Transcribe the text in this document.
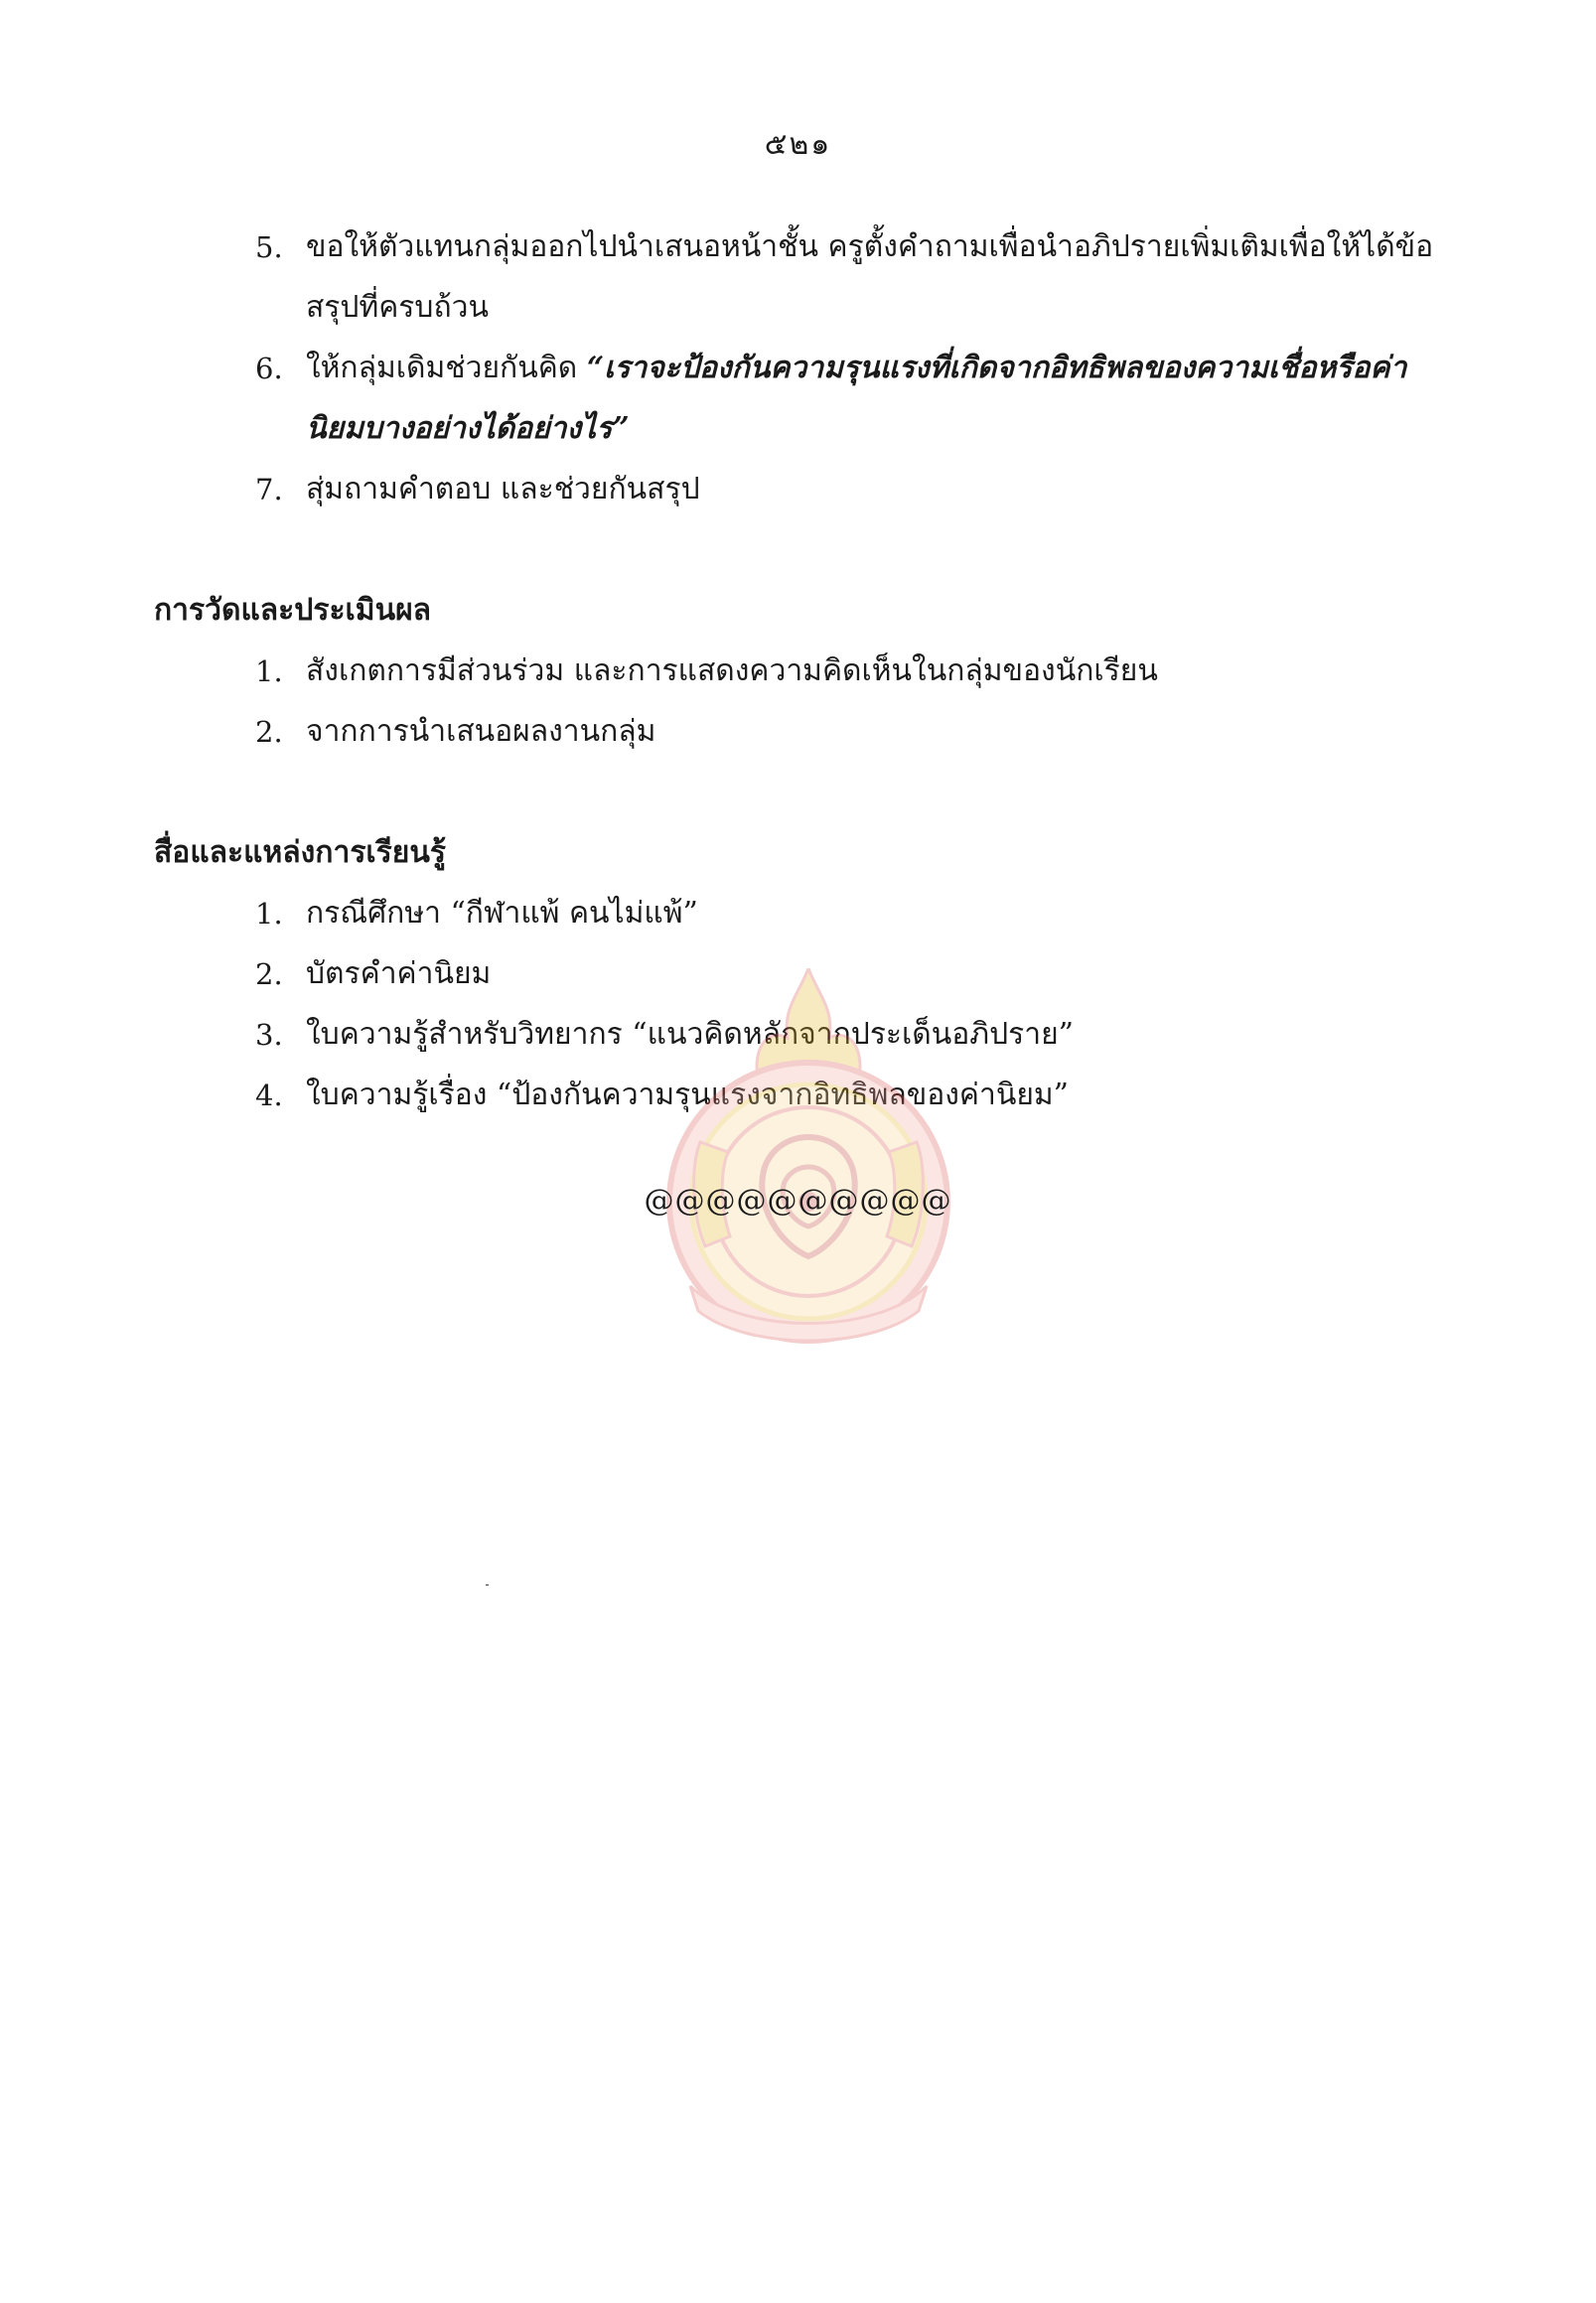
๕๒๑
5. ขอให้ตัวแทนกลุ่มออกไปนำเสนอหน้าชั้น ครูตั้งคำถามเพื่อนำอภิปรายเพิ่มเติมเพื่อให้ได้ข้อ
สรุปที่ครบถ้วน
6. ให้กลุ่มเดิมช่วยกันคิด “เราจะป้องกันความรุนแรงที่เกิดจากอิทธิพลของความเชื่อหรือค่า
นิยมบางอย่างได้อย่างไร”
7. สุ่มถามคำตอบ และช่วยกันสรุป
การวัดและประเมินผล
1. สังเกตการมีส่วนร่วม และการแสดงความคิดเห็นในกลุ่มของนักเรียน
2. จากการนำเสนอผลงานกลุ่ม
สื่อและแหล่งการเรียนรู้
1. กรณีศึกษา “กีฬาแพ้ คนไม่แพ้”
2. บัตรคำค่านิยม
3. ใบความรู้สำหรับวิทยากร “แนวคิดหลักจากประเด็นอภิปราย”
4. ใบความรู้เรื่อง “ป้องกันความรุนแรงจากอิทธิพลของค่านิยม”
@@@@@@@@@@
